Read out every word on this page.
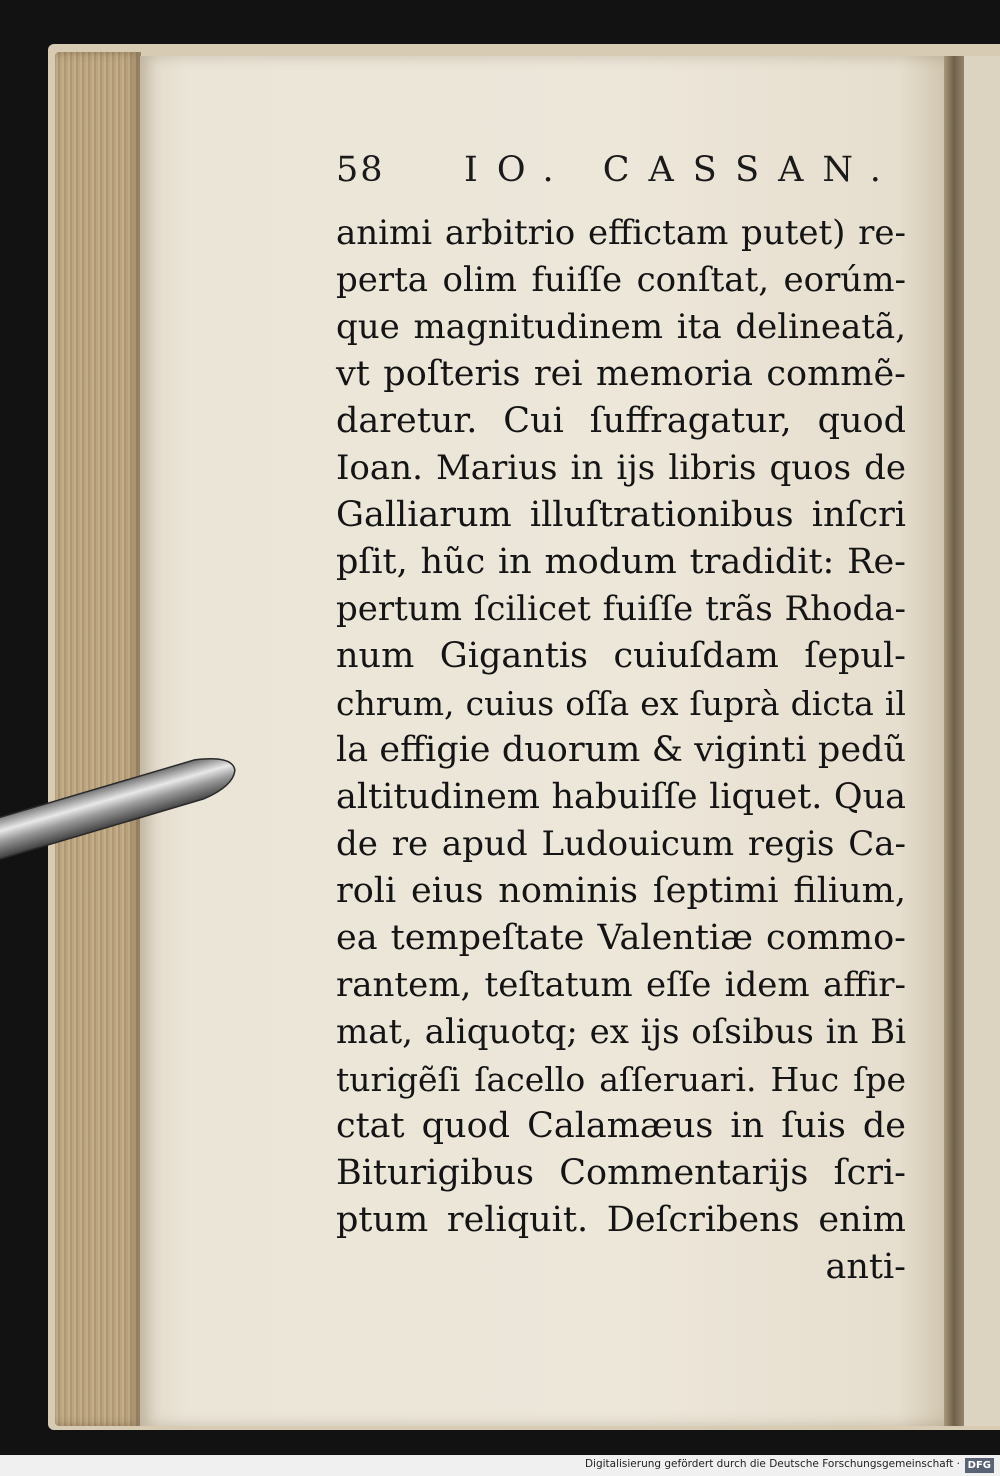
58 IO. CASSAN.
animi arbitrio effictam putet) re-
perta olim fuiſſe conſtat, eorúm-
que magnitudinem ita delineatã,
vt poſteris rei memoria commẽ-
daretur. Cui ſuffragatur, quod
Ioan. Marius in ijs libris quos de
Galliarum illuſtrationibus inſcri
pſit, hũc in modum tradidit: Re-
pertum ſcilicet fuiſſe trãs Rhoda-
num Gigantis cuiuſdam ſepul-
chrum, cuius oſſa ex ſuprà dicta il
la effigie duorum & viginti pedũ
altitudinem habuiſſe liquet. Qua
de re apud Ludouicum regis Ca-
roli eius nominis ſeptimi filium,
ea tempeſtate Valentiæ commo-
rantem, teſtatum eſſe idem affir-
mat, aliquotq; ex ijs oſsibus in Bi
turigẽſi ſacello aſſeruari. Huc ſpe
ctat quod Calamæus in ſuis de
Biturigibus Commentarijs ſcri-
ptum reliquit. Deſcribens enim
anti-
Digitalisierung gefördert durch die Deutsche Forschungsgemeinschaft · DFG
